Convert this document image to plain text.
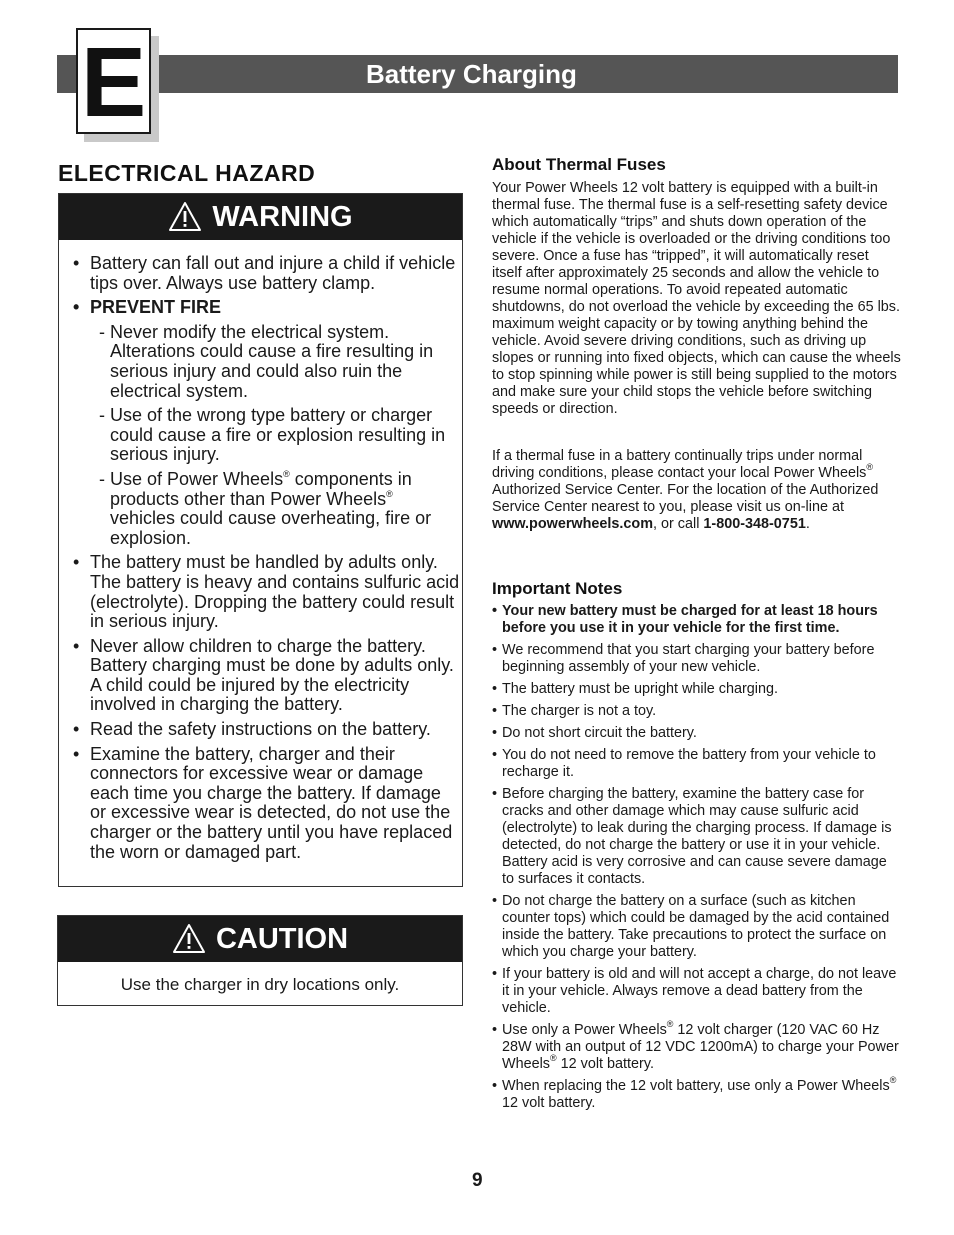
Battery Charging
E
ELECTRICAL HAZARD
WARNING
• Battery can fall out and injure a child if vehicle tips over. Always use battery clamp.
• PREVENT FIRE
- Never modify the electrical system. Alterations could cause a fire resulting in serious injury and could also ruin the electrical system.
- Use of the wrong type battery or charger could cause a fire or explosion resulting in serious injury.
- Use of Power Wheels® components in products other than Power Wheels® vehicles could cause overheating, fire or explosion.
• The battery must be handled by adults only. The battery is heavy and contains sulfuric acid (electrolyte). Dropping the battery could result in serious injury.
• Never allow children to charge the battery. Battery charging must be done by adults only. A child could be injured by the electricity involved in charging the battery.
• Read the safety instructions on the battery.
• Examine the battery, charger and their connectors for excessive wear or damage each time you charge the battery. If damage or excessive wear is detected, do not use the charger or the battery until you have replaced the worn or damaged part.
CAUTION
Use the charger in dry locations only.
About Thermal Fuses
Your Power Wheels 12 volt battery is equipped with a built-in thermal fuse. The thermal fuse is a self-resetting safety device which automatically “trips” and shuts down operation of the vehicle if the vehicle is overloaded or the driving conditions too severe. Once a fuse has “tripped”, it will automatically reset itself after approximately 25 seconds and allow the vehicle to resume normal operations. To avoid repeated automatic shutdowns, do not overload the vehicle by exceeding the 65 lbs. maximum weight capacity or by towing anything behind the vehicle. Avoid severe driving conditions, such as driving up slopes or running into fixed objects, which can cause the wheels to stop spinning while power is still being supplied to the motors and make sure your child stops the vehicle before switching speeds or direction.
If a thermal fuse in a battery continually trips under normal driving conditions, please contact your local Power Wheels® Authorized Service Center. For the location of the Authorized Service Center nearest to you, please visit us on-line at www.powerwheels.com, or call 1-800-348-0751.
Important Notes
• Your new battery must be charged for at least 18 hours before you use it in your vehicle for the first time.
• We recommend that you start charging your battery before beginning assembly of your new vehicle.
• The battery must be upright while charging.
• The charger is not a toy.
• Do not short circuit the battery.
• You do not need to remove the battery from your vehicle to recharge it.
• Before charging the battery, examine the battery case for cracks and other damage which may cause sulfuric acid (electrolyte) to leak during the charging process. If damage is detected, do not charge the battery or use it in your vehicle. Battery acid is very corrosive and can cause severe damage to surfaces it contacts.
• Do not charge the battery on a surface (such as kitchen counter tops) which could be damaged by the acid contained inside the battery. Take precautions to protect the surface on which you charge your battery.
• If your battery is old and will not accept a charge, do not leave it in your vehicle. Always remove a dead battery from the vehicle.
• Use only a Power Wheels® 12 volt charger (120 VAC 60 Hz 28W with an output of 12 VDC 1200mA) to charge your Power Wheels® 12 volt battery.
• When replacing the 12 volt battery, use only a Power Wheels® 12 volt battery.
9
